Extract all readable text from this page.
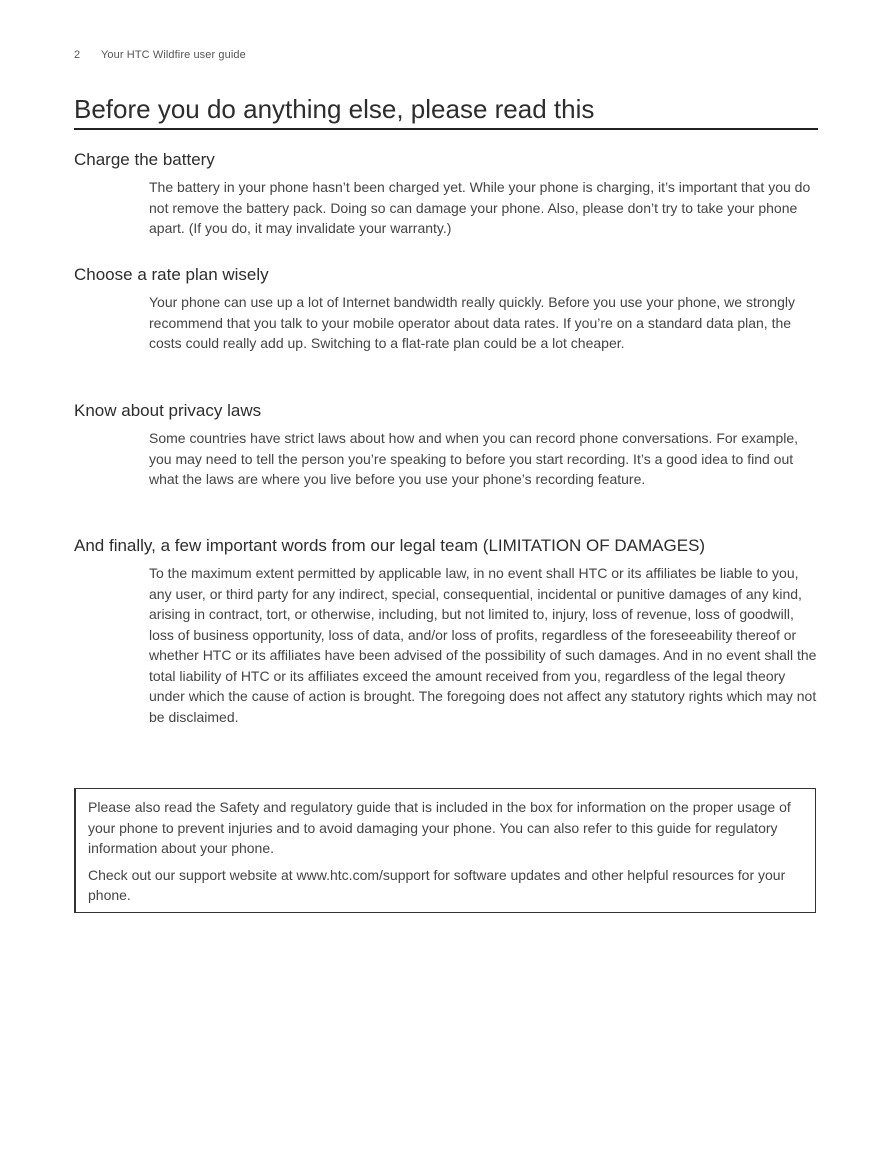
2 Your HTC Wildfire user guide
Before you do anything else, please read this
Charge the battery

The battery in your phone hasn’t been charged yet. While your phone is charging, it’s important that you do not remove the battery pack. Doing so can damage your phone. Also, please don’t try to take your phone apart. (If you do, it may invalidate your warranty.)

Choose a rate plan wisely

Your phone can use up a lot of Internet bandwidth really quickly. Before you use your phone, we strongly recommend that you talk to your mobile operator about data rates. If you’re on a standard data plan, the costs could really add up. Switching to a flat-rate plan could be a lot cheaper.

Know about privacy laws

Some countries have strict laws about how and when you can record phone conversations. For example, you may need to tell the person you’re speaking to before you start recording. It’s a good idea to find out what the laws are where you live before you use your phone’s recording feature.

And finally, a few important words from our legal team (LIMITATION OF DAMAGES)

To the maximum extent permitted by applicable law, in no event shall HTC or its affiliates be liable to you, any user, or third party for any indirect, special, consequential, incidental or punitive damages of any kind, arising in contract, tort, or otherwise, including, but not limited to, injury, loss of revenue, loss of goodwill, loss of business opportunity, loss of data, and/or loss of profits, regardless of the foreseeability thereof or whether HTC or its affiliates have been advised of the possibility of such damages. And in no event shall the total liability of HTC or its affiliates exceed the amount received from you, regardless of the legal theory under which the cause of action is brought. The foregoing does not affect any statutory rights which may not be disclaimed.

Please also read the Safety and regulatory guide that is included in the box for information on the proper usage of your phone to prevent injuries and to avoid damaging your phone. You can also refer to this guide for regulatory information about your phone.

Check out our support website at www.htc.com/support for software updates and other helpful resources for your phone.
